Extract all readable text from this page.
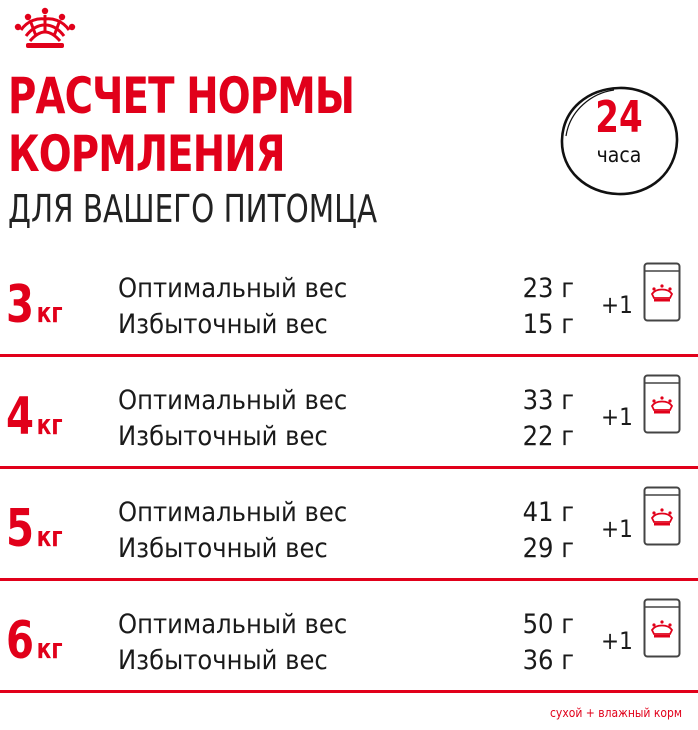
РАСЧЕТ НОРМЫ
КОРМЛЕНИЯ
ДЛЯ ВАШЕГО ПИТОМЦА
24
часа
3кг
Оптимальный вес
Избыточный вес
23 г
15 г
+1
4кг
Оптимальный вес
Избыточный вес
33 г
22 г
+1
5кг
Оптимальный вес
Избыточный вес
41 г
29 г
+1
6кг
Оптимальный вес
Избыточный вес
50 г
36 г
+1
сухой + влажный корм
